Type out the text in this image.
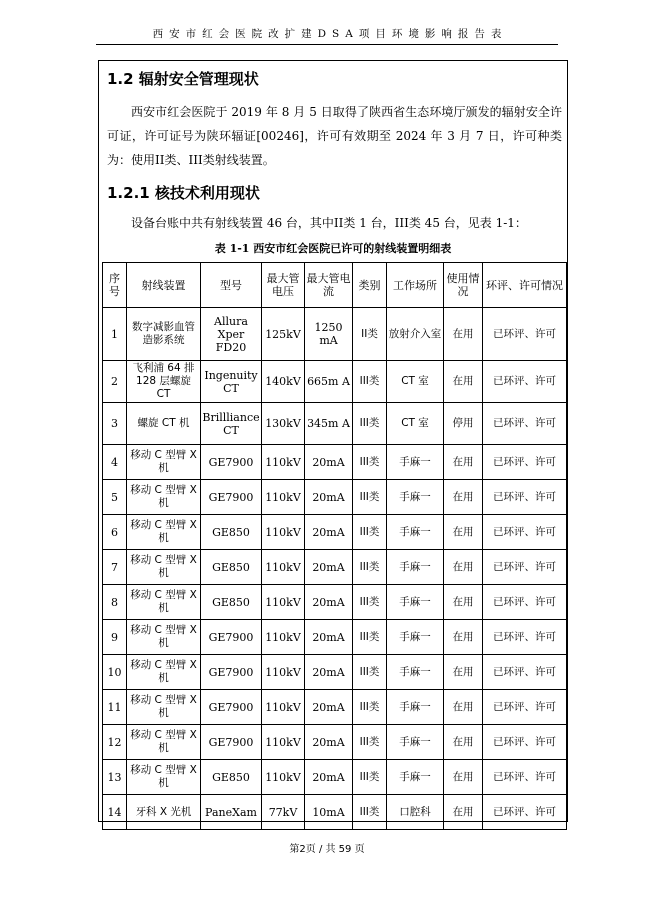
西安市红会医院改扩建DSA项目环境影响报告表
1.2 辐射安全管理现状
西安市红会医院于 2019 年 8 月 5 日取得了陕西省生态环境厅颁发的辐射安全许可证，许可证号为陕环辐证[00246]，许可有效期至 2024 年 3 月 7 日，许可种类为：使用II类、III类射线装置。
1.2.1 核技术利用现状
设备台账中共有射线装置 46 台，其中II类 1 台，III类 45 台，见表 1-1：
表 1-1 西安市红会医院已许可的射线装置明细表
序号	射线装置	型号	最大管电压	最大管电流	类别	工作场所	使用情况	环评、许可情况
1	数字减影血管造影系统	Allura Xper FD20	125kV	1250 mA	II类	放射介入室	在用	已环评、许可
2	飞利浦 64 排 128 层螺旋 CT	Ingenuity CT	140kV	665m A	III类	CT 室	在用	已环评、许可
3	螺旋 CT 机	Brillliance CT	130kV	345m A	III类	CT 室	停用	已环评、许可
4	移动 C 型臂 X 机	GE7900	110kV	20mA	III类	手麻一	在用	已环评、许可
5	移动 C 型臂 X 机	GE7900	110kV	20mA	III类	手麻一	在用	已环评、许可
6	移动 C 型臂 X 机	GE850	110kV	20mA	III类	手麻一	在用	已环评、许可
7	移动 C 型臂 X 机	GE850	110kV	20mA	III类	手麻一	在用	已环评、许可
8	移动 C 型臂 X 机	GE850	110kV	20mA	III类	手麻一	在用	已环评、许可
9	移动 C 型臂 X 机	GE7900	110kV	20mA	III类	手麻一	在用	已环评、许可
10	移动 C 型臂 X 机	GE7900	110kV	20mA	III类	手麻一	在用	已环评、许可
11	移动 C 型臂 X 机	GE7900	110kV	20mA	III类	手麻一	在用	已环评、许可
12	移动 C 型臂 X 机	GE7900	110kV	20mA	III类	手麻一	在用	已环评、许可
13	移动 C 型臂 X 机	GE850	110kV	20mA	III类	手麻一	在用	已环评、许可
14	牙科 X 光机	PaneXam	77kV	10mA	III类	口腔科	在用	已环评、许可
第2页 / 共 59 页
